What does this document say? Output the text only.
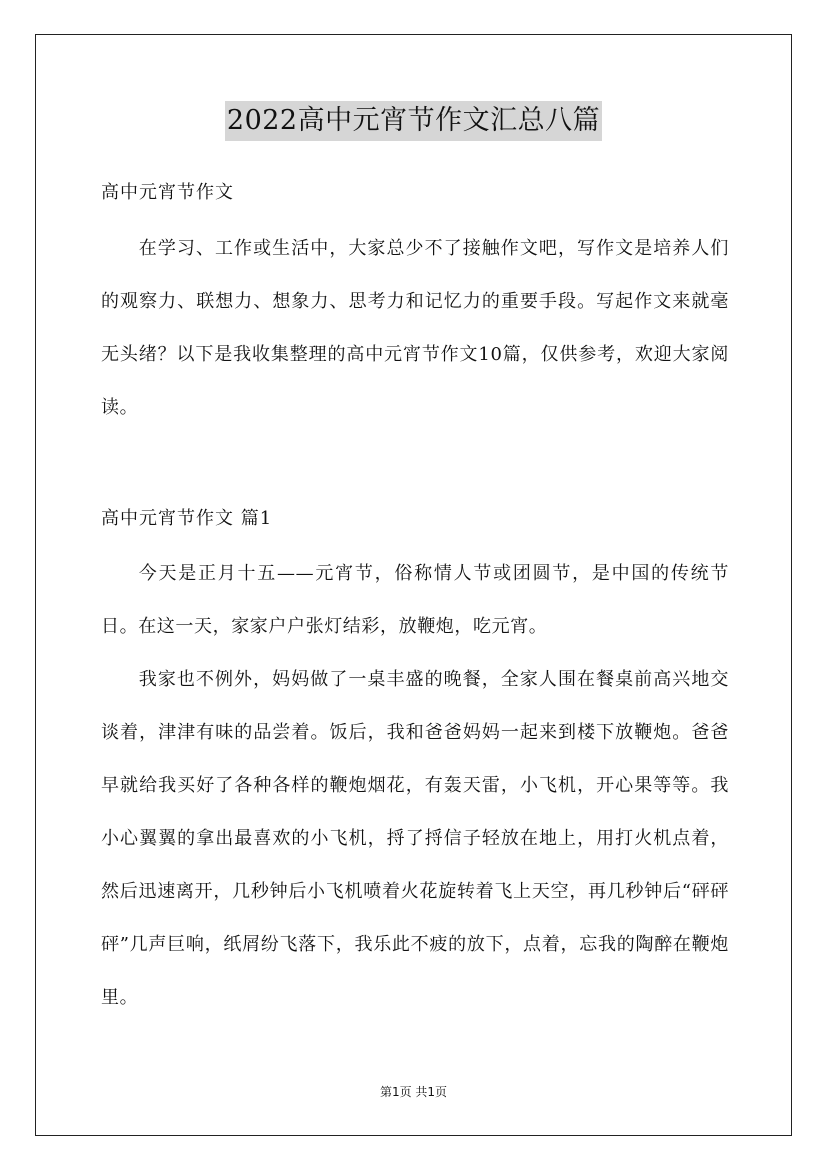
2022高中元宵节作文汇总八篇
高中元宵节作文
在学习、工作或生活中，大家总少不了接触作文吧，写作文是培养人们的观察力、联想力、想象力、思考力和记忆力的重要手段。写起作文来就毫无头绪？以下是我收集整理的高中元宵节作文10篇，仅供参考，欢迎大家阅读。
高中元宵节作文 篇1
今天是正月十五——元宵节，俗称情人节或团圆节，是中国的传统节日。在这一天，家家户户张灯结彩，放鞭炮，吃元宵。
我家也不例外，妈妈做了一桌丰盛的晚餐，全家人围在餐桌前高兴地交谈着，津津有味的品尝着。饭后，我和爸爸妈妈一起来到楼下放鞭炮。爸爸早就给我买好了各种各样的鞭炮烟花，有轰天雷，小飞机，开心果等等。我小心翼翼的拿出最喜欢的小飞机，捋了捋信子轻放在地上，用打火机点着，然后迅速离开，几秒钟后小飞机喷着火花旋转着飞上天空，再几秒钟后“砰砰砰”几声巨响，纸屑纷飞落下，我乐此不疲的放下，点着，忘我的陶醉在鞭炮里。
第1页 共1页
